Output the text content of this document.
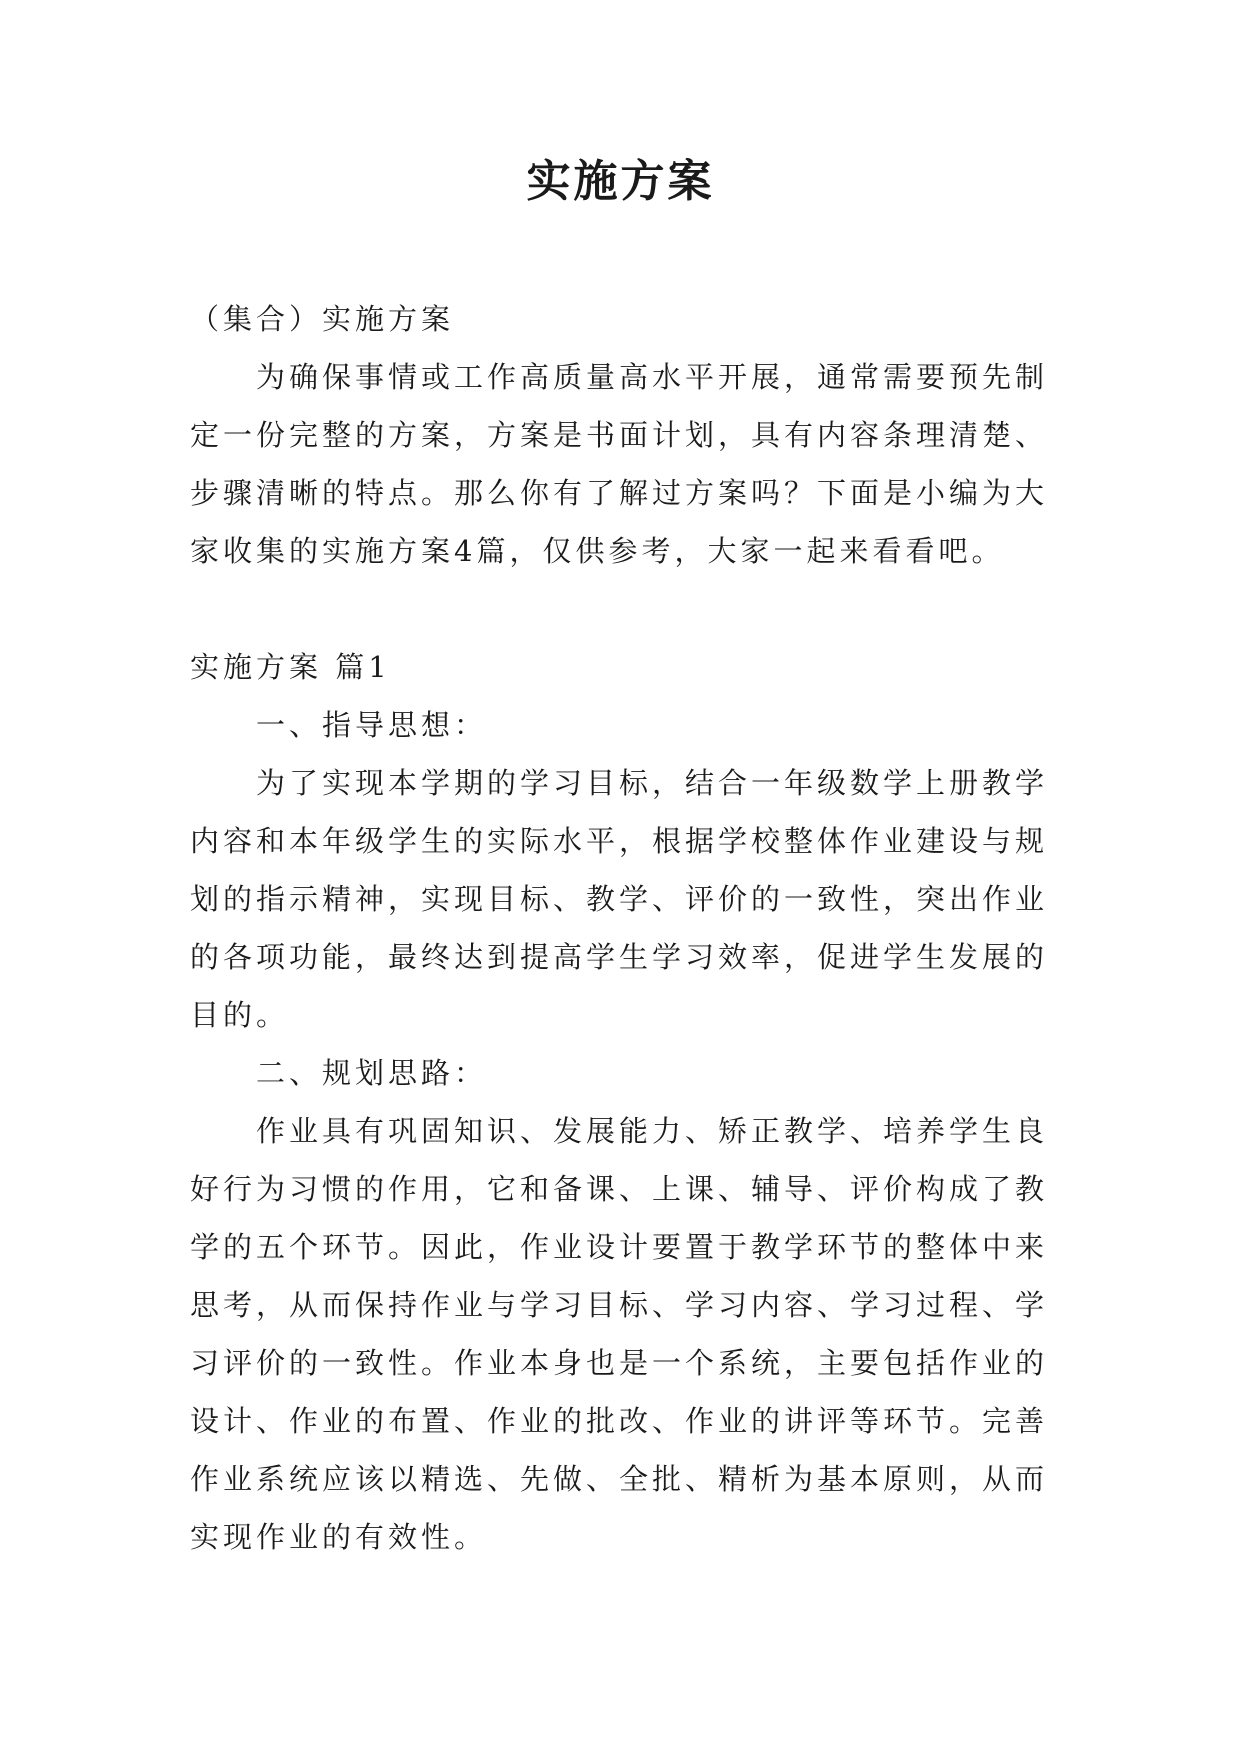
实施方案

（集合）实施方案

为确保事情或工作高质量高水平开展，通常需要预先制定一份完整的方案，方案是书面计划，具有内容条理清楚、步骤清晰的特点。那么你有了解过方案吗？下面是小编为大家收集的实施方案4篇，仅供参考，大家一起来看看吧。

实施方案 篇1

一、指导思想：

为了实现本学期的学习目标，结合一年级数学上册教学内容和本年级学生的实际水平，根据学校整体作业建设与规划的指示精神，实现目标、教学、评价的一致性，突出作业的各项功能，最终达到提高学生学习效率，促进学生发展的目的。

二、规划思路：

作业具有巩固知识、发展能力、矫正教学、培养学生良好行为习惯的作用，它和备课、上课、辅导、评价构成了教学的五个环节。因此，作业设计要置于教学环节的整体中来思考，从而保持作业与学习目标、学习内容、学习过程、学习评价的一致性。作业本身也是一个系统，主要包括作业的设计、作业的布置、作业的批改、作业的讲评等环节。完善作业系统应该以精选、先做、全批、精析为基本原则，从而实现作业的有效性。
